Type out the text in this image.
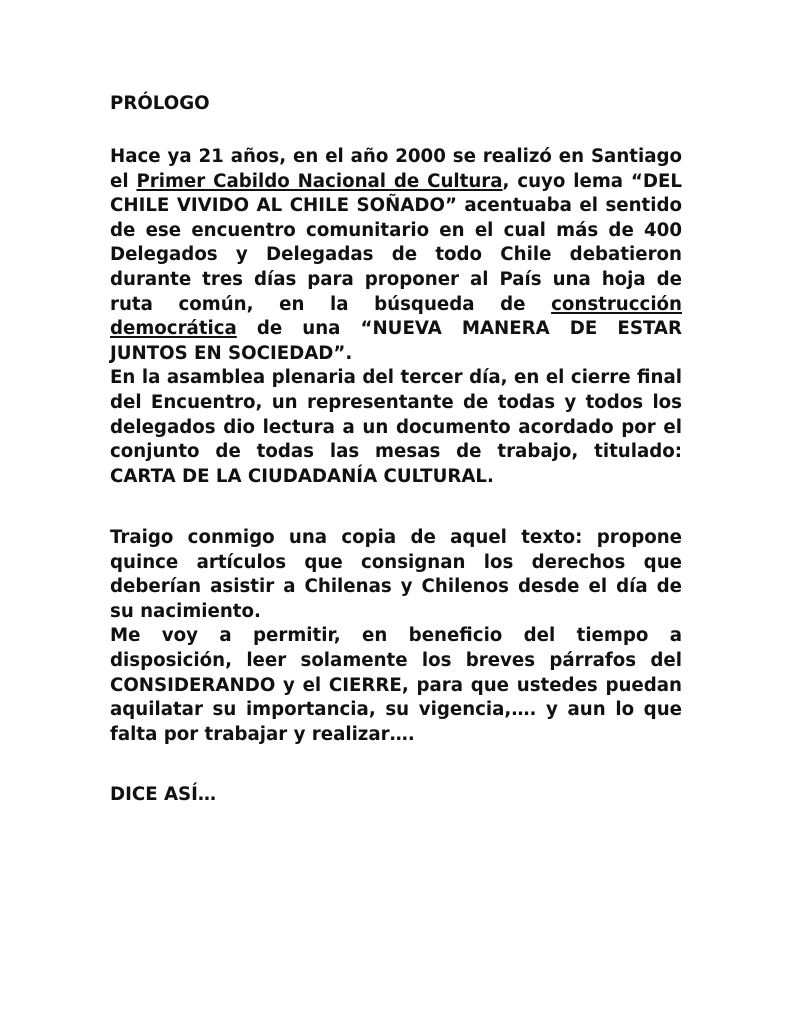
PRÓLOGO

Hace ya 21 años, en el año 2000 se realizó en Santiago el Primer Cabildo Nacional de Cultura, cuyo lema “DEL CHILE VIVIDO AL CHILE SOÑADO” acentuaba el sentido de ese encuentro comunitario en el cual más de 400 Delegados y Delegadas de todo Chile debatieron durante tres días para proponer al País una hoja de ruta común, en la búsqueda de construcción democrática de una “NUEVA MANERA DE ESTAR JUNTOS EN SOCIEDAD”.

En la asamblea plenaria del tercer día, en el cierre final del Encuentro, un representante de todas y todos los delegados dio lectura a un documento acordado por el conjunto de todas las mesas de trabajo, titulado: CARTA DE LA CIUDADANÍA CULTURAL.

Traigo conmigo una copia de aquel texto: propone quince artículos que consignan los derechos que deberían asistir a Chilenas y Chilenos desde el día de su nacimiento.

Me voy a permitir, en beneficio del tiempo a disposición, leer solamente los breves párrafos del CONSIDERANDO y el CIERRE, para que ustedes puedan aquilatar su importancia, su vigencia,…. y aun lo que falta por trabajar y realizar….

DICE ASÍ…
